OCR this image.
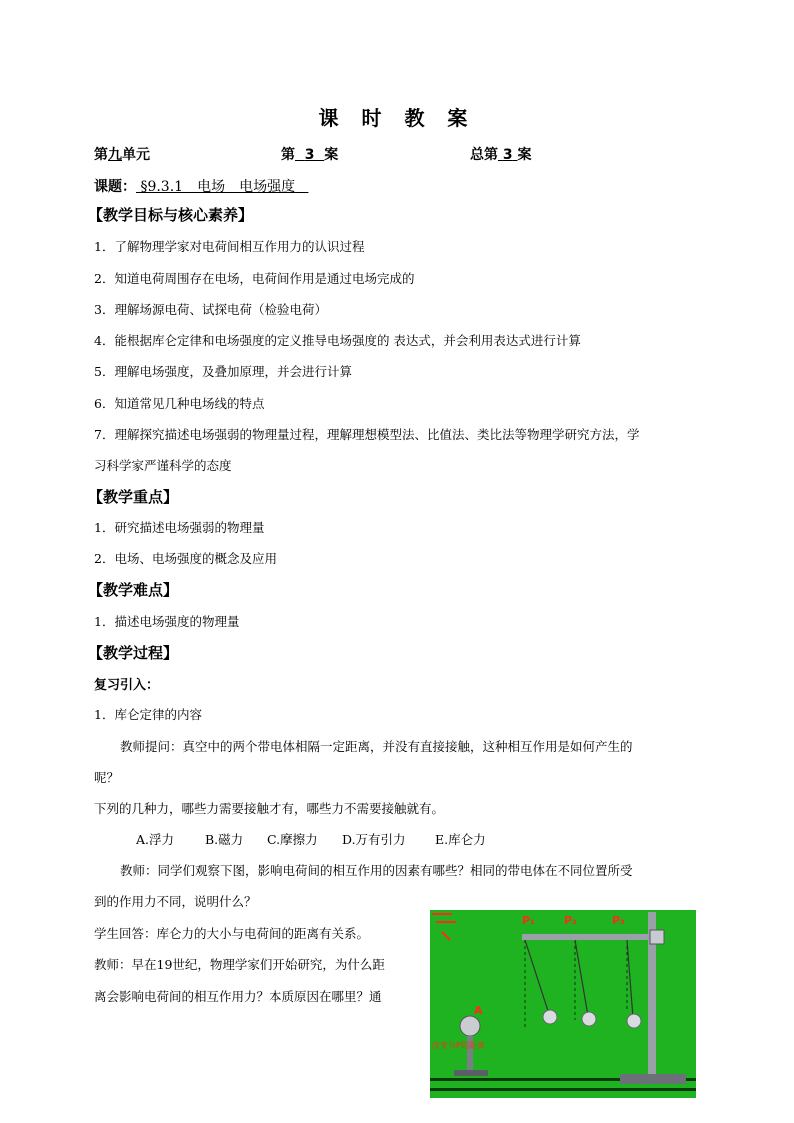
课 时 教 案
第九单元	第 3 案	总第 3 案
课题： §9.3.1　电场　电场强度
【教学目标与核心素养】
1．了解物理学家对电荷间相互作用力的认识过程
2．知道电荷周围存在电场，电荷间作用是通过电场完成的
3．理解场源电荷、试探电荷（检验电荷）
4．能根据库仑定律和电场强度的定义推导电场强度的 表达式，并会利用表达式进行计算
5．理解电场强度，及叠加原理，并会进行计算
6．知道常见几种电场线的特点
7．理解探究描述电场强弱的物理量过程，理解理想模型法、比值法、类比法等物理学研究方法，学
习科学家严谨科学的态度
【教学重点】
1．研究描述电场强弱的物理量
2．电场、电场强度的概念及应用
【教学难点】
1．描述电场强度的物理量
【教学过程】
复习引入：
1．库仑定律的内容
教师提问：真空中的两个带电体相隔一定距离，并没有直接接触，这种相互作用是如何产生的
呢？
下列的几种力，哪些力需要接触才有，哪些力不需要接触就有。
A.浮力 B.磁力 C.摩擦力 D.万有引力 E.库仑力
教师：同学们观察下图，影响电荷间的相互作用的因素有哪些？相同的带电体在不同位置所受
到的作用力不同，说明什么？
学生回答：库仑力的大小与电荷间的距离有关系。
教师：早在19世纪，物理学家们开始研究，为什么距
离会影响电荷间的相互作用力？本质原因在哪里？通
P₁	P₂	P₃
A
改变与P的距离
